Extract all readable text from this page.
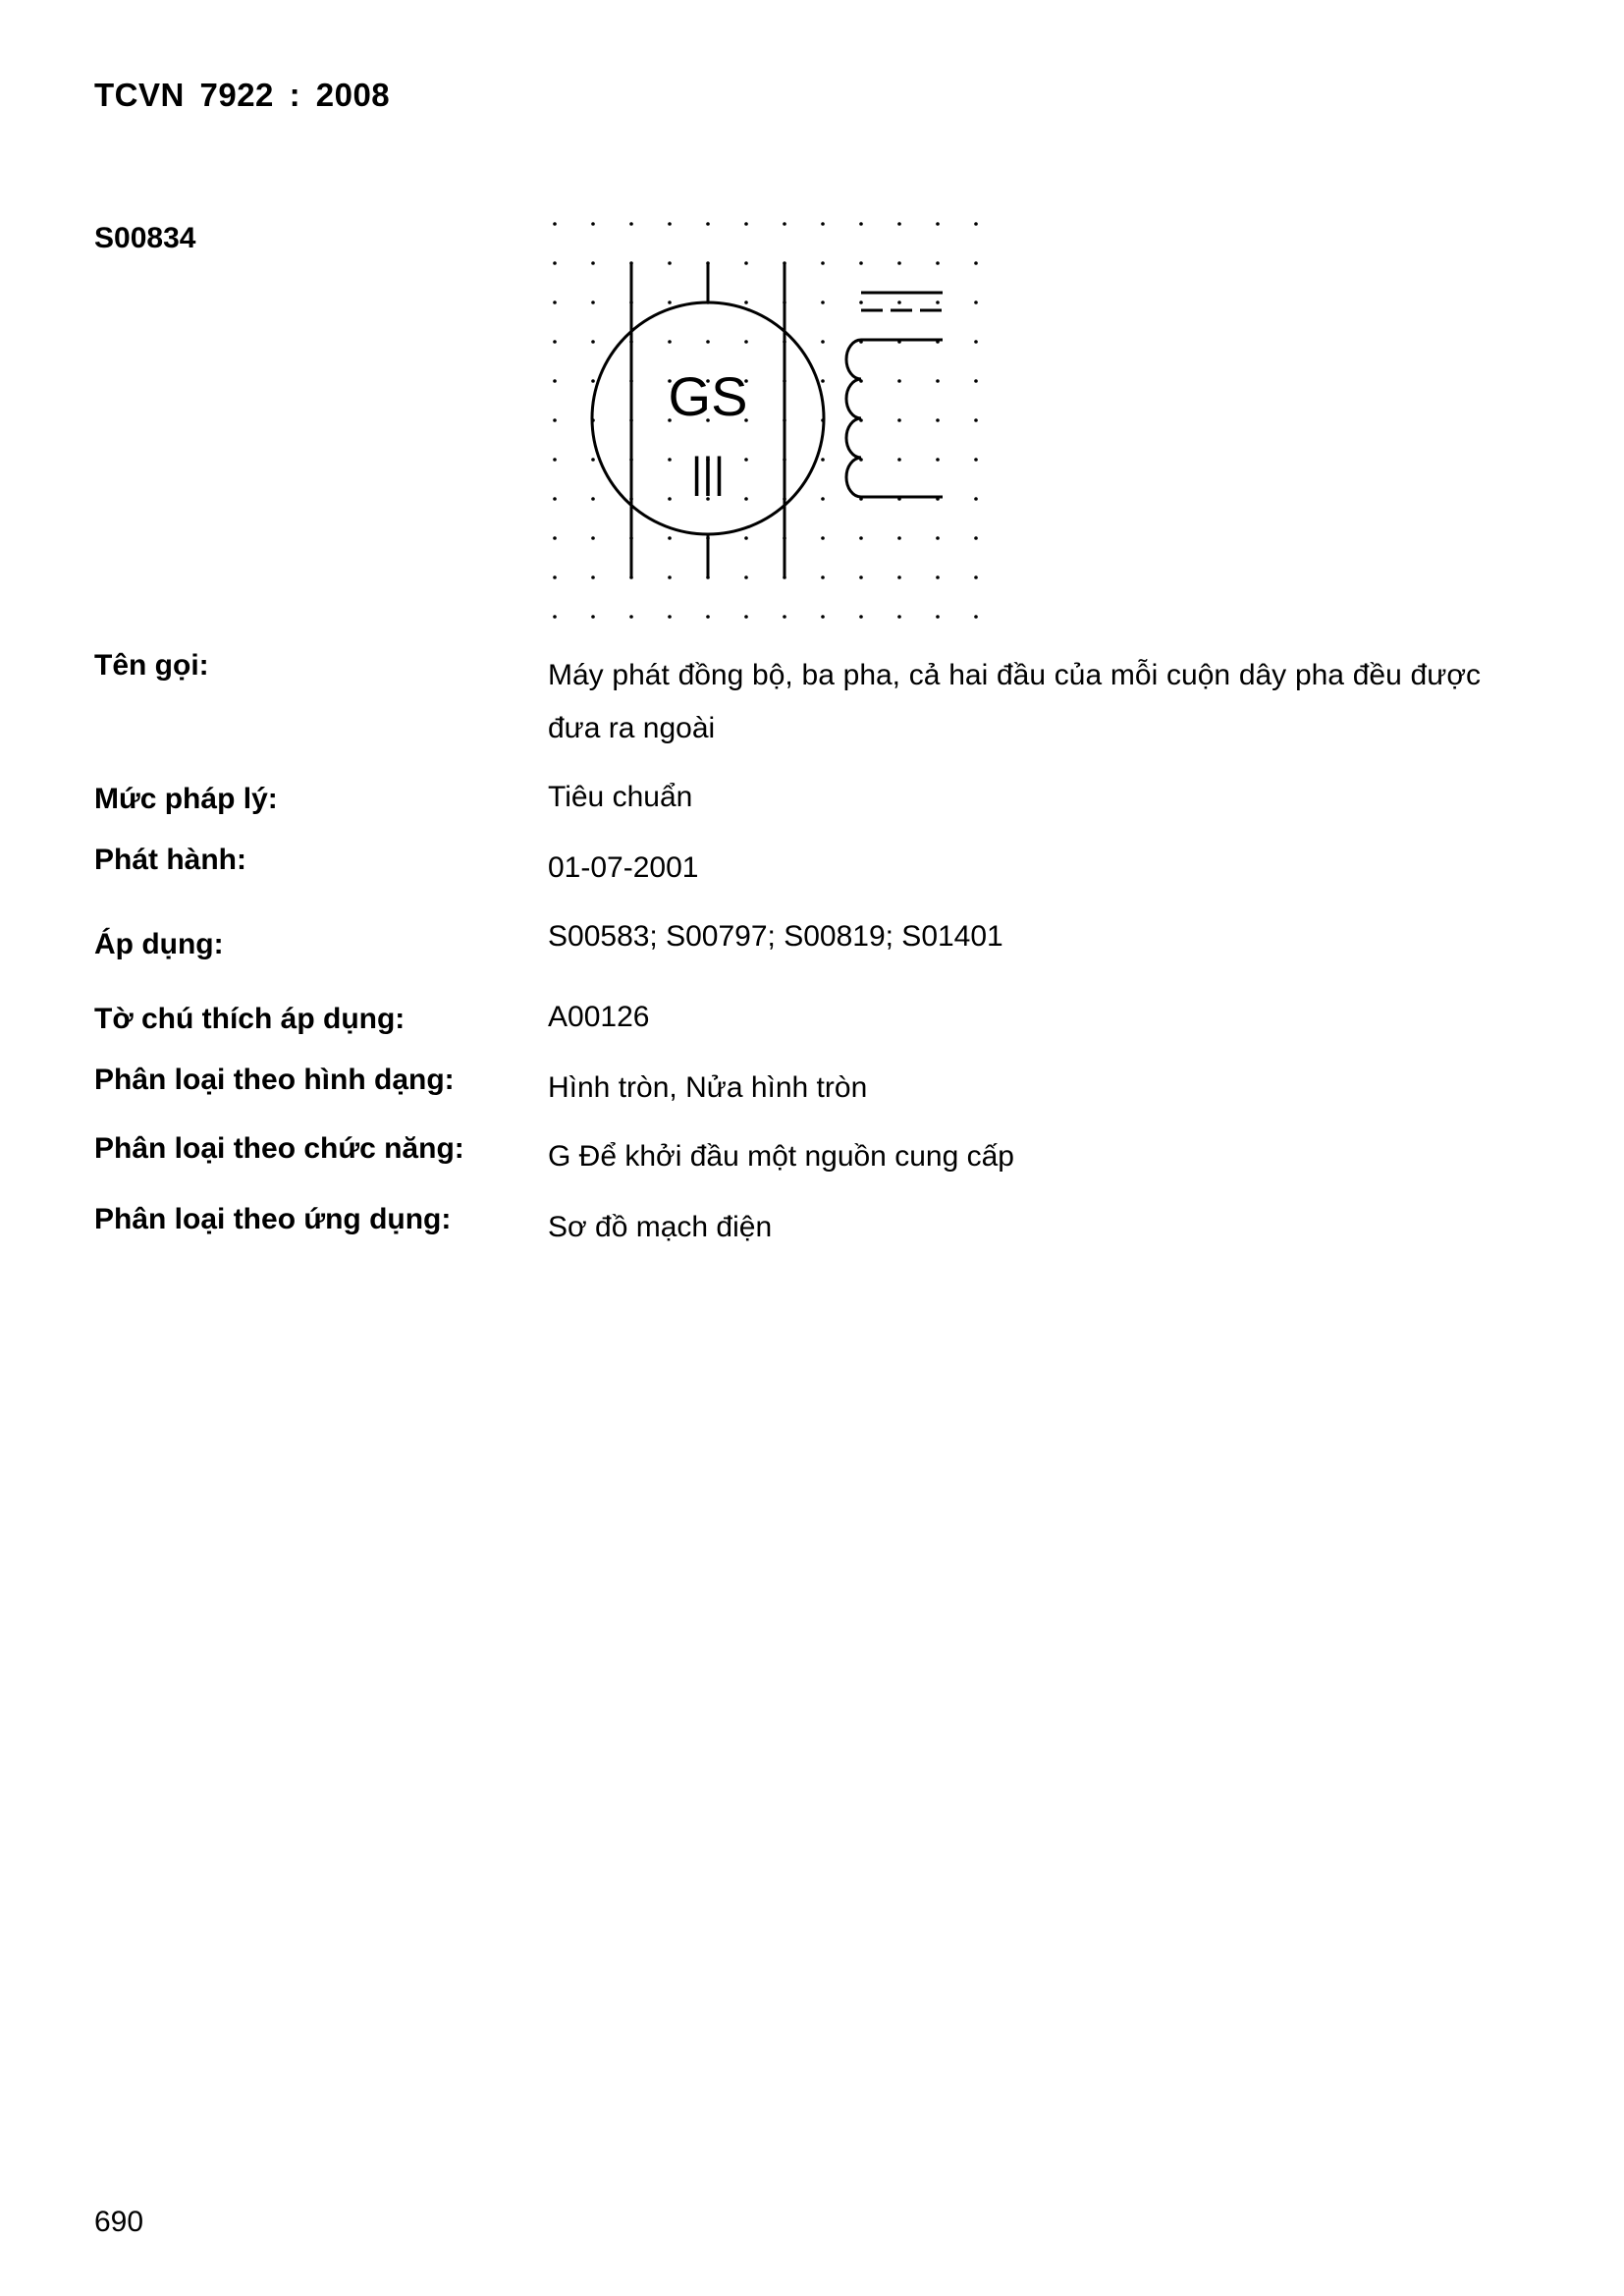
TCVN 7922 : 2008
S00834
GS
|||
Tên gọi:	Máy phát đồng bộ, ba pha, cả hai đầu của mỗi cuộn dây pha đều được đưa ra ngoài
Mức pháp lý:	Tiêu chuẩn
Phát hành:	01-07-2001
Áp dụng:	S00583; S00797; S00819; S01401
Tờ chú thích áp dụng:	A00126
Phân loại theo hình dạng:	Hình tròn, Nửa hình tròn
Phân loại theo chức năng:	G Để khởi đầu một nguồn cung cấp
Phân loại theo ứng dụng:	Sơ đồ mạch điện
690
